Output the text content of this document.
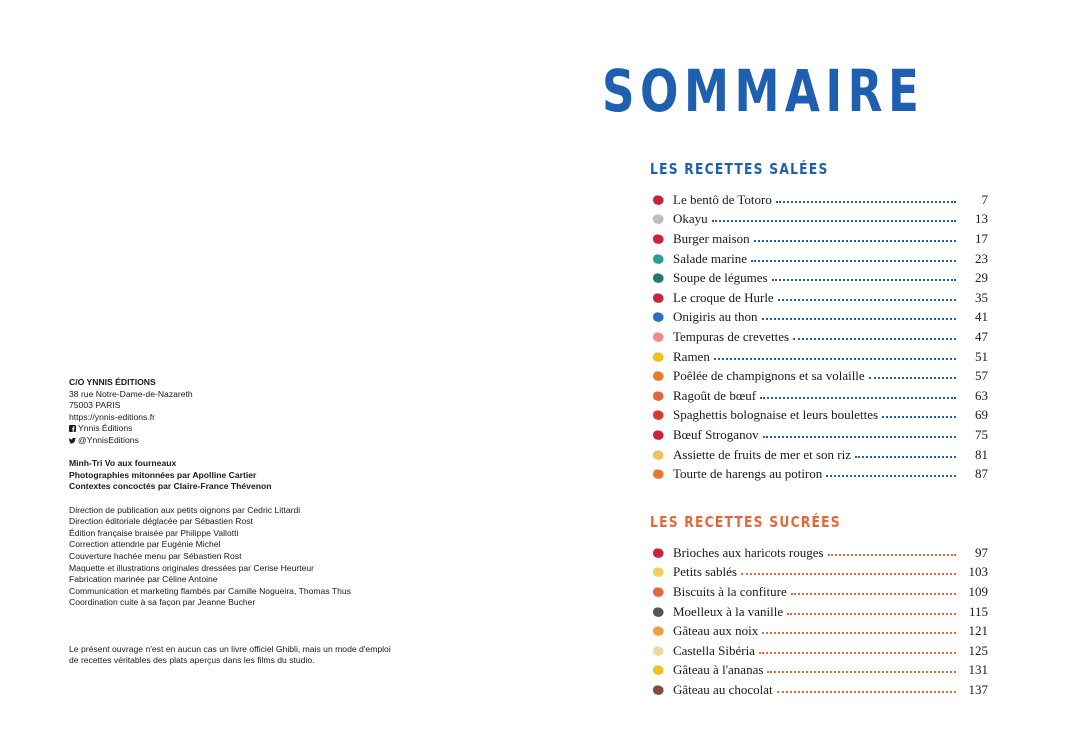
C/O YNNIS ÉDITIONS
38 rue Notre-Dame-de-Nazareth
75003 PARIS
https://ynnis-editions.fr
Ynnis Éditions
@YnnisEditions
Minh-Tri Vo aux fourneaux
Photographies mitonnées par Apolline Cartier
Contextes concoctés par Claire-France Thévenon
Direction de publication aux petits oignons par Cedric Littardi
Direction éditoriale déglacée par Sébastien Rost
Édition française braisée par Philippe Vallotti
Correction attendrie par Eugénie Michel
Couverture hachée menu par Sébastien Rost
Maquette et illustrations originales dressées par Cerise Heurteur
Fabrication marinée par Céline Antoine
Communication et marketing flambés par Camille Nogueira, Thomas Thus
Coordination cuite à sa façon par Jeanne Bucher
Le présent ouvrage n'est en aucun cas un livre officiel Ghibli, mais un mode d'emploi
de recettes véritables des plats aperçus dans les films du studio.
SOMMAIRE
LES RECETTES SALÉES
Le bentô de Totoro	7
Okayu	13
Burger maison	17
Salade marine	23
Soupe de légumes	29
Le croque de Hurle	35
Onigiris au thon	41
Tempuras de crevettes	47
Ramen	51
Poêlée de champignons et sa volaille	57
Ragoût de bœuf	63
Spaghettis bolognaise et leurs boulettes	69
Bœuf Stroganov	75
Assiette de fruits de mer et son riz	81
Tourte de harengs au potiron	87
LES RECETTES SUCRÉES
Brioches aux haricots rouges	97
Petits sablés	103
Biscuits à la confiture	109
Moelleux à la vanille	115
Gâteau aux noix	121
Castella Sibéria	125
Gâteau à l'ananas	131
Gâteau au chocolat	137
